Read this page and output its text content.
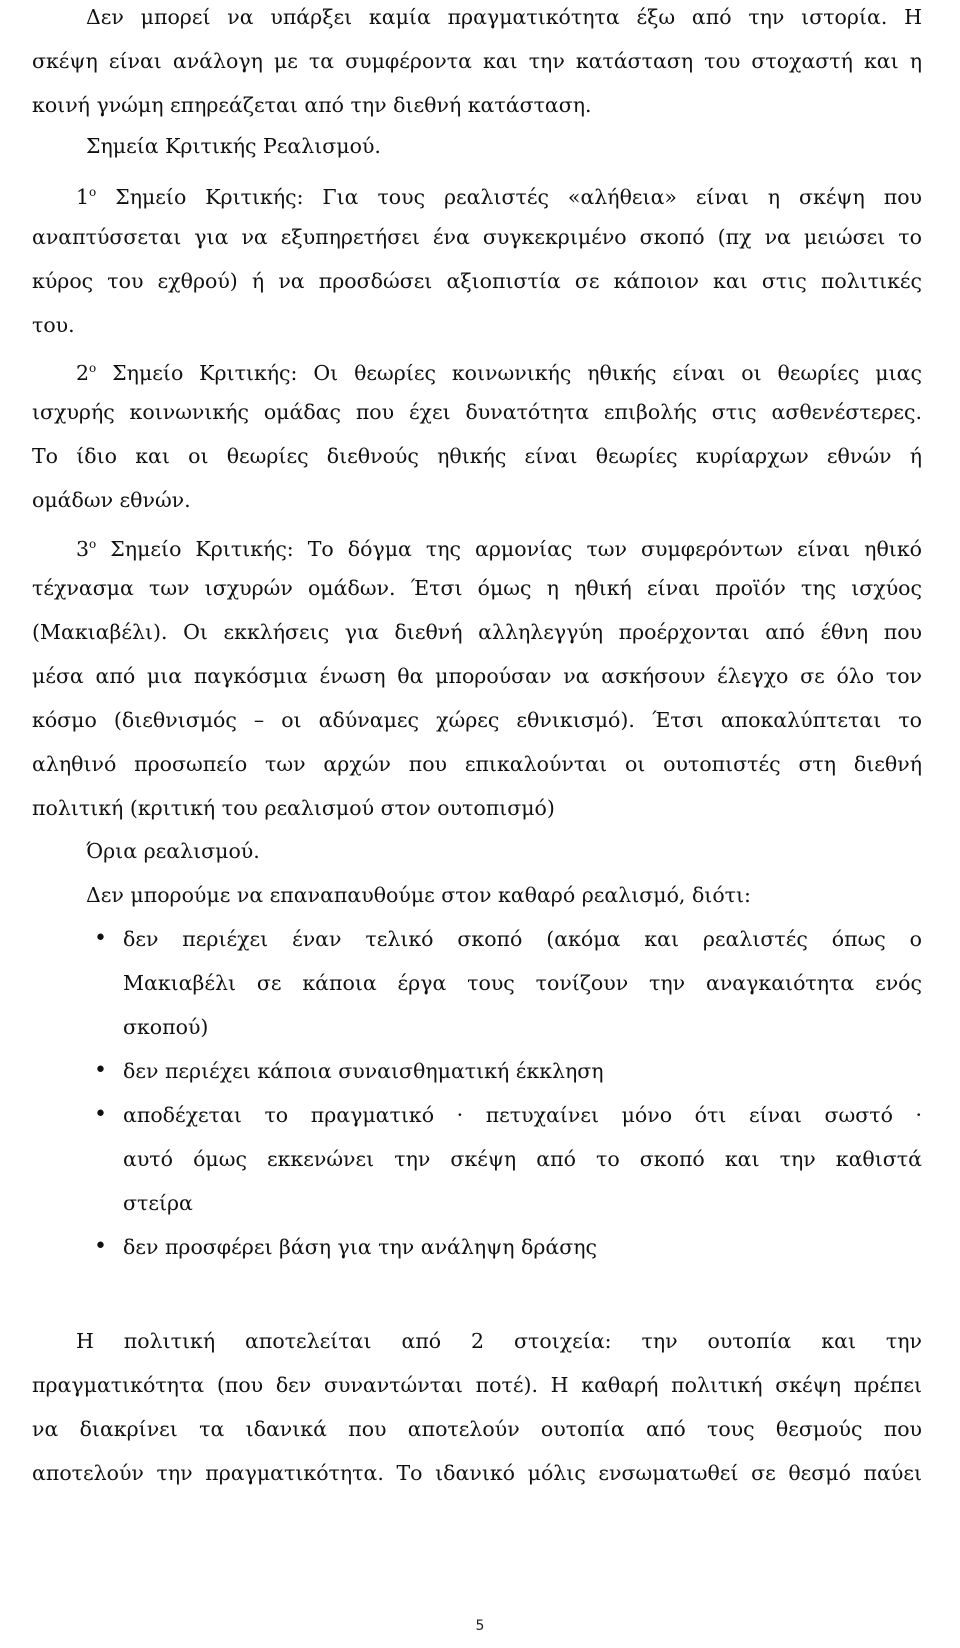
Δεν μπορεί να υπάρξει καμία πραγματικότητα έξω από την ιστορία. Η
σκέψη είναι ανάλογη με τα συμφέροντα και την κατάσταση του στοχαστή και η
κοινή γνώμη επηρεάζεται από την διεθνή κατάσταση.
Σημεία Κριτικής Ρεαλισμού.
$1^o$ Σημείο Κριτικής: Για τους ρεαλιστές «αλήθεια» είναι η σκέψη που
αναπτύσσεται για να εξυπηρετήσει ένα συγκεκριμένο σκοπό (πχ να μειώσει το
κύρος του εχθρού) ή να προσδώσει αξιοπιστία σε κάποιον και στις πολιτικές
του.
$2^o$ Σημείο Κριτικής: Οι θεωρίες κοινωνικής ηθικής είναι οι θεωρίες μιας
ισχυρής κοινωνικής ομάδας που έχει δυνατότητα επιβολής στις ασθενέστερες.
Το ίδιο και οι θεωρίες διεθνούς ηθικής είναι θεωρίες κυρίαρχων εθνών ή
ομάδων εθνών.
$3^o$ Σημείο Κριτικής: Το δόγμα της αρμονίας των συμφερόντων είναι ηθικό
τέχνασμα των ισχυρών ομάδων. Έτσι όμως η ηθική είναι προϊόν της ισχύος
(Μακιαβέλι). Οι εκκλήσεις για διεθνή αλληλεγγύη προέρχονται από έθνη που
μέσα από μια παγκόσμια ένωση θα μπορούσαν να ασκήσουν έλεγχο σε όλο τον
κόσμο (διεθνισμός – οι αδύναμες χώρες εθνικισμό). Έτσι αποκαλύπτεται το
αληθινό προσωπείο των αρχών που επικαλούνται οι ουτοπιστές στη διεθνή
πολιτική (κριτική του ρεαλισμού στον ουτοπισμό)
Όρια ρεαλισμού.
Δεν μπορούμε να επαναπαυθούμε στον καθαρό ρεαλισμό, διότι:
• δεν περιέχει έναν τελικό σκοπό (ακόμα και ρεαλιστές όπως ο
Μακιαβέλι σε κάποια έργα τους τονίζουν την αναγκαιότητα ενός
σκοπού)
• δεν περιέχει κάποια συναισθηματική έκκληση
• αποδέχεται το πραγματικό · πετυχαίνει μόνο ότι είναι σωστό ·
αυτό όμως εκκενώνει την σκέψη από το σκοπό και την καθιστά
στείρα
• δεν προσφέρει βάση για την ανάληψη δράσης
Η πολιτική αποτελείται από 2 στοιχεία: την ουτοπία και την
πραγματικότητα (που δεν συναντώνται ποτέ). Η καθαρή πολιτική σκέψη πρέπει
να διακρίνει τα ιδανικά που αποτελούν ουτοπία από τους θεσμούς που
αποτελούν την πραγματικότητα. Το ιδανικό μόλις ενσωματωθεί σε θεσμό παύει
5
